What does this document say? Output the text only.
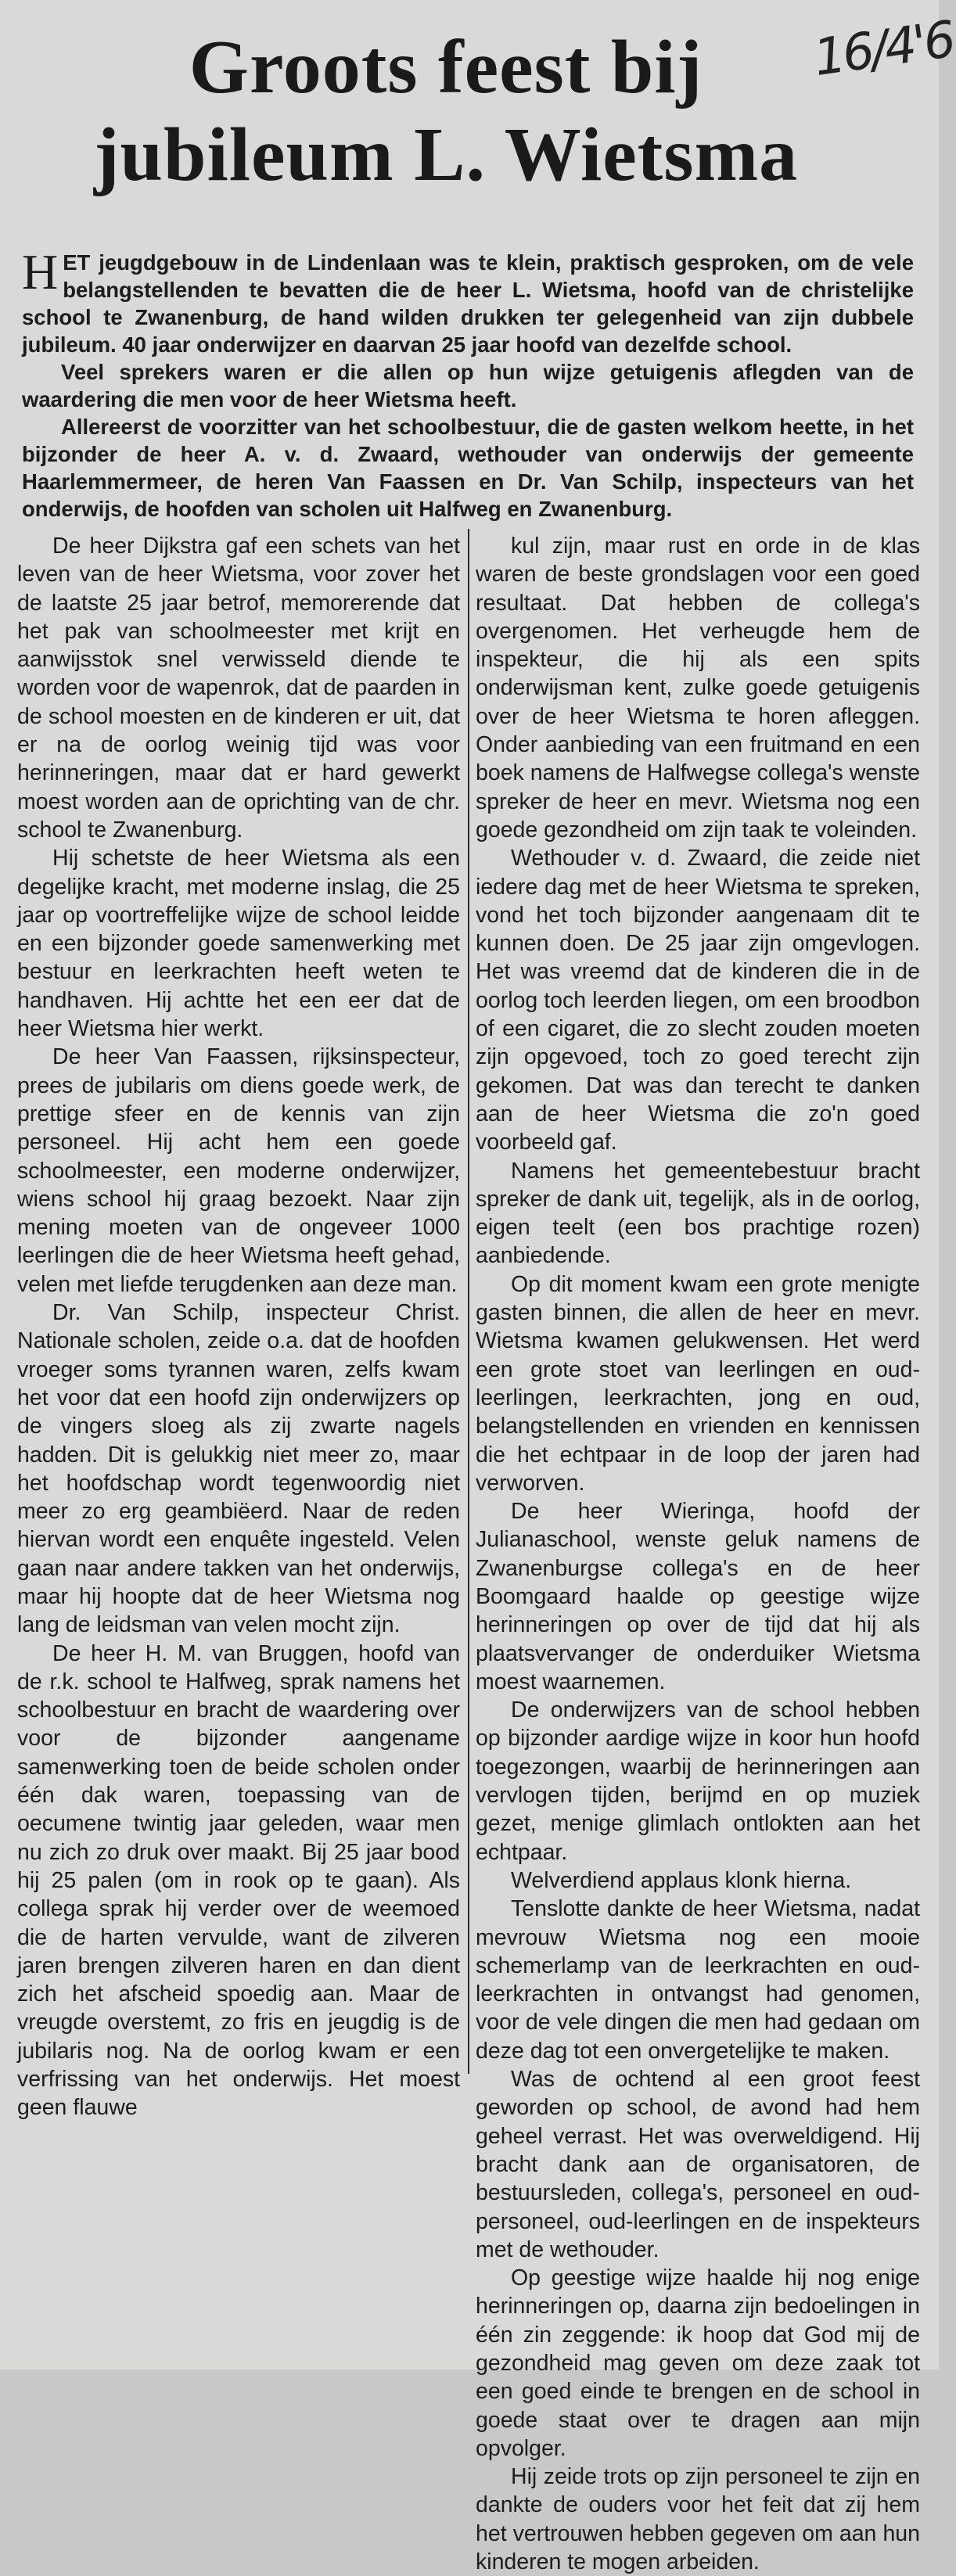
Groots feest bij
jubileum L. Wietsma
16/4'6

HET jeugdgebouw in de Lindenlaan was te klein, praktisch gesproken, om de vele belangstellenden te bevatten die de heer L. Wietsma, hoofd van de christelijke school te Zwanenburg, de hand wilden drukken ter gelegenheid van zijn dubbele jubileum. 40 jaar onderwijzer en daarvan 25 jaar hoofd van dezelfde school.

Veel sprekers waren er die allen op hun wijze getuigenis aflegden van de waardering die men voor de heer Wietsma heeft.

Allereerst de voorzitter van het schoolbestuur, die de gasten welkom heette, in het bijzonder de heer A. v. d. Zwaard, wethouder van onderwijs der gemeente Haarlemmermeer, de heren Van Faassen en Dr. Van Schilp, inspecteurs van het onderwijs, de hoofden van scholen uit Halfweg en Zwanenburg.

De heer Dijkstra gaf een schets van het leven van de heer Wietsma, voor zover het de laatste 25 jaar betrof, memorerende dat het pak van schoolmeester met krijt en aanwijsstok snel verwisseld diende te worden voor de wapenrok, dat de paarden in de school moesten en de kinderen er uit, dat er na de oorlog weinig tijd was voor herinneringen, maar dat er hard gewerkt moest worden aan de oprichting van de chr. school te Zwanenburg.

Hij schetste de heer Wietsma als een degelijke kracht, met moderne inslag, die 25 jaar op voortreffelijke wijze de school leidde en een bijzonder goede samenwerking met bestuur en leerkrachten heeft weten te handhaven. Hij achtte het een eer dat de heer Wietsma hier werkt.

De heer Van Faassen, rijksinspecteur, prees de jubilaris om diens goede werk, de prettige sfeer en de kennis van zijn personeel. Hij acht hem een goede schoolmeester, een moderne onderwijzer, wiens school hij graag bezoekt. Naar zijn mening moeten van de ongeveer 1000 leerlingen die de heer Wietsma heeft gehad, velen met liefde terugdenken aan deze man.

Dr. Van Schilp, inspecteur Christ. Nationale scholen, zeide o.a. dat de hoofden vroeger soms tyrannen waren, zelfs kwam het voor dat een hoofd zijn onderwijzers op de vingers sloeg als zij zwarte nagels hadden. Dit is gelukkig niet meer zo, maar het hoofdschap wordt tegenwoordig niet meer zo erg geambiëerd. Naar de reden hiervan wordt een enquête ingesteld. Velen gaan naar andere takken van het onderwijs, maar hij hoopte dat de heer Wietsma nog lang de leidsman van velen mocht zijn.

De heer H. M. van Bruggen, hoofd van de r.k. school te Halfweg, sprak namens het schoolbestuur en bracht de waardering over voor de bijzonder aangename samenwerking toen de beide scholen onder één dak waren, toepassing van de oecumene twintig jaar geleden, waar men nu zich zo druk over maakt. Bij 25 jaar bood hij 25 palen (om in rook op te gaan). Als collega sprak hij verder over de weemoed die de harten vervulde, want de zilveren jaren brengen zilveren haren en dan dient zich het afscheid spoedig aan. Maar de vreugde overstemt, zo fris en jeugdig is de jubilaris nog. Na de oorlog kwam er een verfrissing van het onderwijs. Het moest geen flauwe

kul zijn, maar rust en orde in de klas waren de beste grondslagen voor een goed resultaat. Dat hebben de collega's overgenomen. Het verheugde hem de inspekteur, die hij als een spits onderwijsman kent, zulke goede getuigenis over de heer Wietsma te horen afleggen. Onder aanbieding van een fruitmand en een boek namens de Halfwegse collega's wenste spreker de heer en mevr. Wietsma nog een goede gezondheid om zijn taak te voleinden.

Wethouder v. d. Zwaard, die zeide niet iedere dag met de heer Wietsma te spreken, vond het toch bijzonder aangenaam dit te kunnen doen. De 25 jaar zijn omgevlogen. Het was vreemd dat de kinderen die in de oorlog toch leerden liegen, om een broodbon of een cigaret, die zo slecht zouden moeten zijn opgevoed, toch zo goed terecht zijn gekomen. Dat was dan terecht te danken aan de heer Wietsma die zo'n goed voorbeeld gaf.

Namens het gemeentebestuur bracht spreker de dank uit, tegelijk, als in de oorlog, eigen teelt (een bos prachtige rozen) aanbiedende.

Op dit moment kwam een grote menigte gasten binnen, die allen de heer en mevr. Wietsma kwamen gelukwensen. Het werd een grote stoet van leerlingen en oud-leerlingen, leerkrachten, jong en oud, belangstellenden en vrienden en kennissen die het echtpaar in de loop der jaren had verworven.

De heer Wieringa, hoofd der Julianaschool, wenste geluk namens de Zwanenburgse collega's en de heer Boomgaard haalde op geestige wijze herinneringen op over de tijd dat hij als plaatsvervanger de onderduiker Wietsma moest waarnemen.

De onderwijzers van de school hebben op bijzonder aardige wijze in koor hun hoofd toegezongen, waarbij de herinneringen aan vervlogen tijden, berijmd en op muziek gezet, menige glimlach ontlokten aan het echtpaar.

Welverdiend applaus klonk hierna.

Tenslotte dankte de heer Wietsma, nadat mevrouw Wietsma nog een mooie schemerlamp van de leerkrachten en oud-leerkrachten in ontvangst had genomen, voor de vele dingen die men had gedaan om deze dag tot een onvergetelijke te maken.

Was de ochtend al een groot feest geworden op school, de avond had hem geheel verrast. Het was overweldigend. Hij bracht dank aan de organisatoren, de bestuursleden, collega's, personeel en oud-personeel, oud-leerlingen en de inspekteurs met de wethouder.

Op geestige wijze haalde hij nog enige herinneringen op, daarna zijn bedoelingen in één zin zeggende: ik hoop dat God mij de gezondheid mag geven om deze zaak tot een goed einde te brengen en de school in goede staat over te dragen aan mijn opvolger.

Hij zeide trots op zijn personeel te zijn en dankte de ouders voor het feit dat zij hem het vertrouwen hebben gegeven om aan hun kinderen te mogen arbeiden.
